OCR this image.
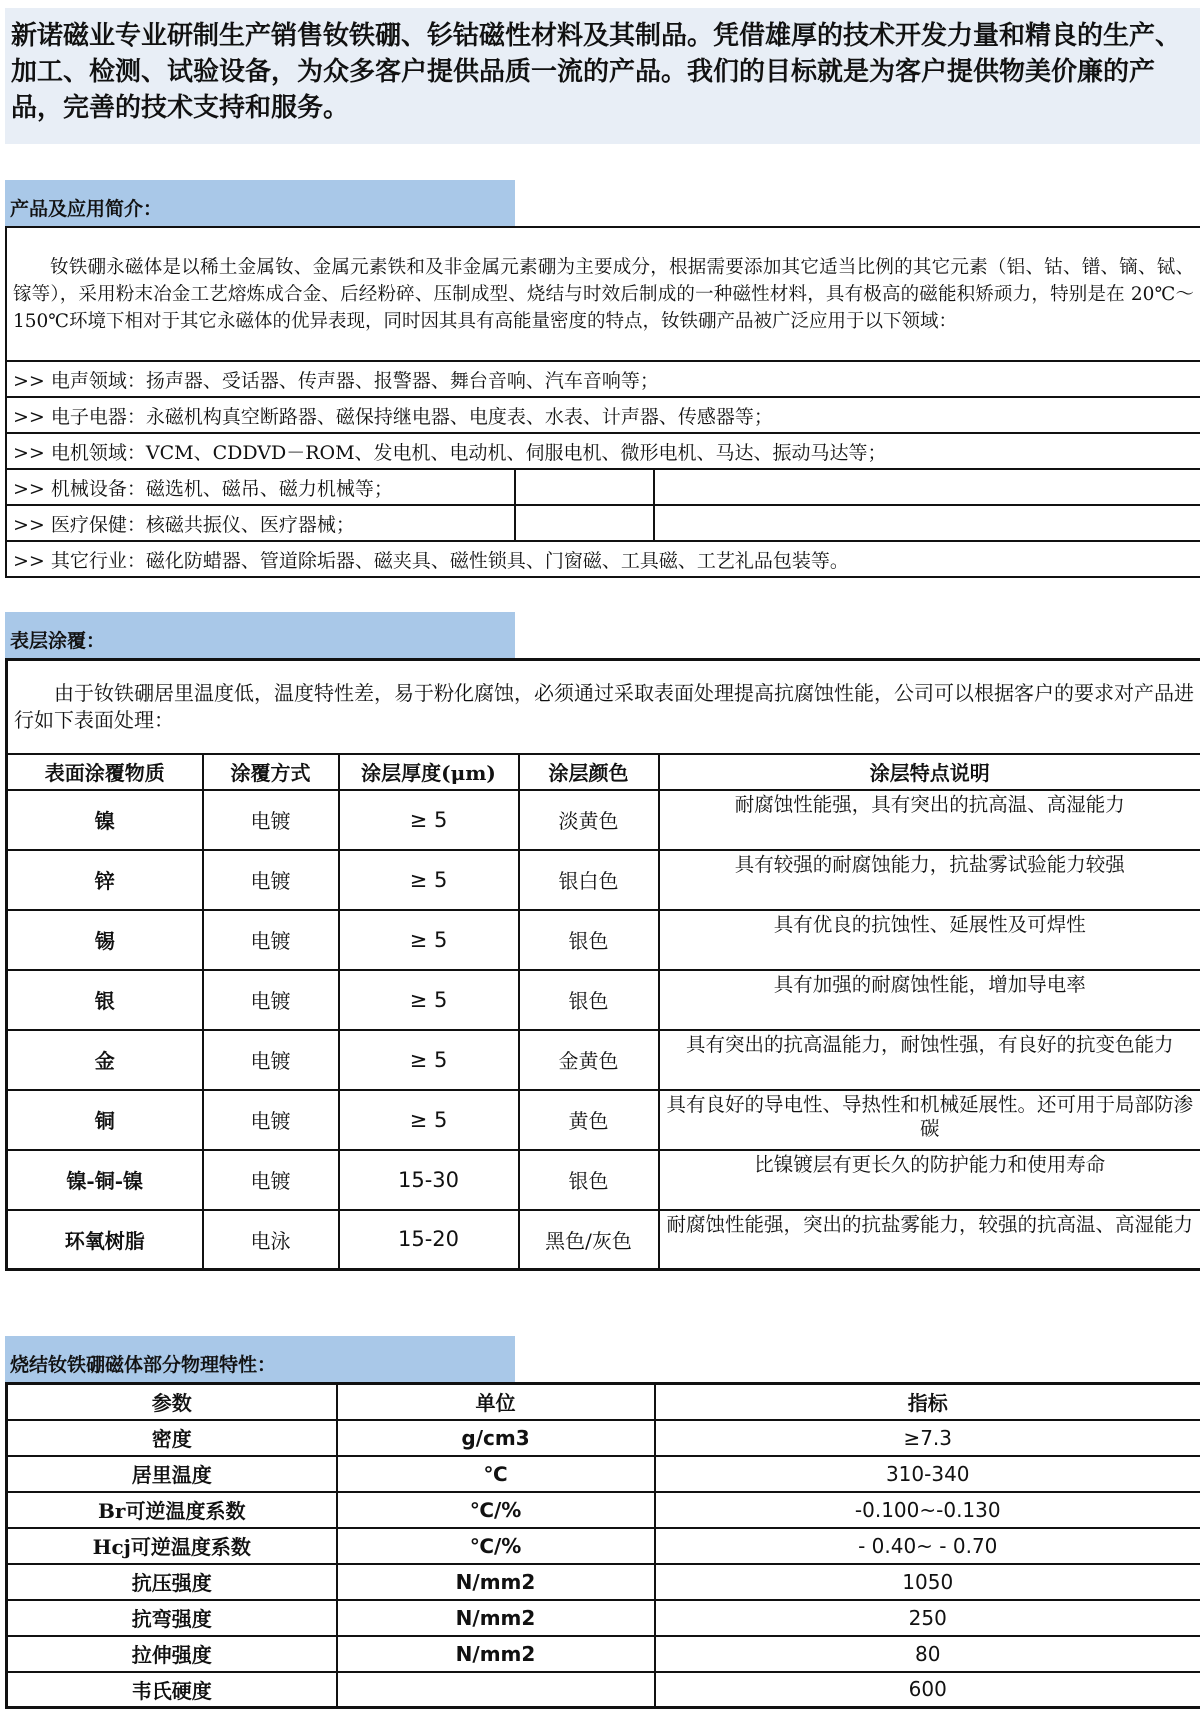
新诺磁业专业研制生产销售钕铁硼、钐钴磁性材料及其制品。凭借雄厚的技术开发力量和精良的生产、加工、检测、试验设备，为众多客户提供品质一流的产品。我们的目标就是为客户提供物美价廉的产品，完善的技术支持和服务。
产品及应用简介：
钕铁硼永磁体是以稀土金属钕、金属元素铁和及非金属元素硼为主要成分，根据需要添加其它适当比例的其它元素（铝、钴、镨、镝、铽、镓等），采用粉末冶金工艺熔炼成合金、后经粉碎、压制成型、烧结与时效后制成的一种磁性材料，具有极高的磁能积矫顽力，特别是在 20℃～150℃环境下相对于其它永磁体的优异表现，同时因其具有高能量密度的特点，钕铁硼产品被广泛应用于以下领域：		
>> 电声领域：扬声器、受话器、传声器、报警器、舞台音响、汽车音响等；		
>> 电子电器：永磁机构真空断路器、磁保持继电器、电度表、水表、计声器、传感器等；		
>> 电机领域：VCM、CDDVD－ROM、发电机、电动机、伺服电机、微形电机、马达、振动马达等；		
>> 机械设备：磁选机、磁吊、磁力机械等；		
>> 医疗保健：核磁共振仪、医疗器械；		
>> 其它行业：磁化防蜡器、管道除垢器、磁夹具、磁性锁具、门窗磁、工具磁、工艺礼品包装等。		
表层涂覆：
由于钕铁硼居里温度低，温度特性差，易于粉化腐蚀，必须通过采取表面处理提高抗腐蚀性能，公司可以根据客户的要求对产品进行如下表面处理：				
表面涂覆物质	涂覆方式	涂层厚度(μm)	涂层颜色	涂层特点说明
镍	电镀	≥ 5	淡黄色	耐腐蚀性能强，具有突出的抗高温、高湿能力
锌	电镀	≥ 5	银白色	具有较强的耐腐蚀能力，抗盐雾试验能力较强
锡	电镀	≥ 5	银色	具有优良的抗蚀性、延展性及可焊性
银	电镀	≥ 5	银色	具有加强的耐腐蚀性能，增加导电率
金	电镀	≥ 5	金黄色	具有突出的抗高温能力，耐蚀性强，有良好的抗变色能力
铜	电镀	≥ 5	黄色	具有良好的导电性、导热性和机械延展性。还可用于局部防渗碳
镍-铜-镍	电镀	15-30	银色	比镍镀层有更长久的防护能力和使用寿命
环氧树脂	电泳	15-20	黑色/灰色	耐腐蚀性能强，突出的抗盐雾能力，较强的抗高温、高湿能力
烧结钕铁硼磁体部分物理特性：
参数	单位	指标
密度	g/cm3	≥7.3
居里温度	℃	310-340
Br可逆温度系数	℃/%	-0.100~-0.130
Hcj可逆温度系数	℃/%	- 0.40~ - 0.70
抗压强度	N/mm2	1050
抗弯强度	N/mm2	250
拉伸强度	N/mm2	80
韦氏硬度		600
